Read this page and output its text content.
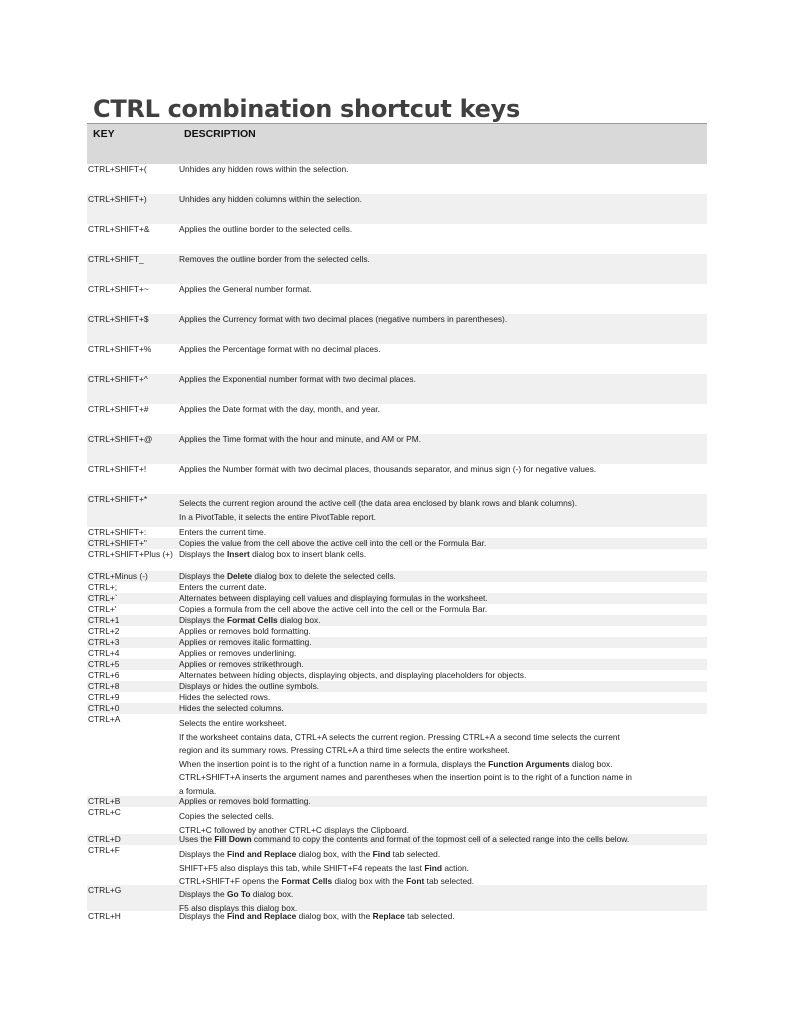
CTRL combination shortcut keys
KEY	DESCRIPTION
CTRL+SHIFT+(	Unhides any hidden rows within the selection.
CTRL+SHIFT+)	Unhides any hidden columns within the selection.
CTRL+SHIFT+&	Applies the outline border to the selected cells.
CTRL+SHIFT_	Removes the outline border from the selected cells.
CTRL+SHIFT+~	Applies the General number format.
CTRL+SHIFT+$	Applies the Currency format with two decimal places (negative numbers in parentheses).
CTRL+SHIFT+%	Applies the Percentage format with no decimal places.
CTRL+SHIFT+^	Applies the Exponential number format with two decimal places.
CTRL+SHIFT+#	Applies the Date format with the day, month, and year.
CTRL+SHIFT+@	Applies the Time format with the hour and minute, and AM or PM.
CTRL+SHIFT+!	Applies the Number format with two decimal places, thousands separator, and minus sign (-) for negative values.
CTRL+SHIFT+*	Selects the current region around the active cell (the data area enclosed by blank rows and blank columns).
In a PivotTable, it selects the entire PivotTable report.
CTRL+SHIFT+:	Enters the current time.
CTRL+SHIFT+"	Copies the value from the cell above the active cell into the cell or the Formula Bar.
CTRL+SHIFT+Plus (+) Displays the Insert dialog box to insert blank cells.
CTRL+Minus (-)	Displays the Delete dialog box to delete the selected cells.
CTRL+;	Enters the current date.
CTRL+`	Alternates between displaying cell values and displaying formulas in the worksheet.
CTRL+'	Copies a formula from the cell above the active cell into the cell or the Formula Bar.
CTRL+1	Displays the Format Cells dialog box.
CTRL+2	Applies or removes bold formatting.
CTRL+3	Applies or removes italic formatting.
CTRL+4	Applies or removes underlining.
CTRL+5	Applies or removes strikethrough.
CTRL+6	Alternates between hiding objects, displaying objects, and displaying placeholders for objects.
CTRL+8	Displays or hides the outline symbols.
CTRL+9	Hides the selected rows.
CTRL+0	Hides the selected columns.
CTRL+A	Selects the entire worksheet.
If the worksheet contains data, CTRL+A selects the current region. Pressing CTRL+A a second time selects the current
region and its summary rows. Pressing CTRL+A a third time selects the entire worksheet.
When the insertion point is to the right of a function name in a formula, displays the Function Arguments dialog box.
CTRL+SHIFT+A inserts the argument names and parentheses when the insertion point is to the right of a function name in
a formula.
CTRL+B	Applies or removes bold formatting.
CTRL+C	Copies the selected cells.
CTRL+C followed by another CTRL+C displays the Clipboard.
CTRL+D	Uses the Fill Down command to copy the contents and format of the topmost cell of a selected range into the cells below.
CTRL+F	Displays the Find and Replace dialog box, with the Find tab selected.
SHIFT+F5 also displays this tab, while SHIFT+F4 repeats the last Find action.
CTRL+SHIFT+F opens the Format Cells dialog box with the Font tab selected.
CTRL+G	Displays the Go To dialog box.
F5 also displays this dialog box.
CTRL+H	Displays the Find and Replace dialog box, with the Replace tab selected.
